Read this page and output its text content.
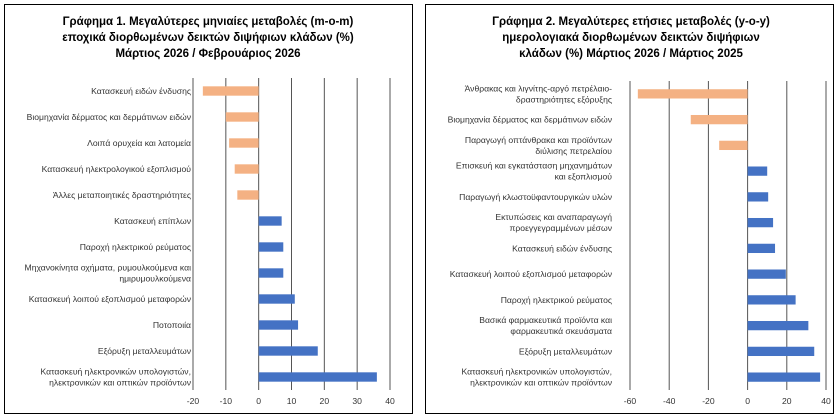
Γράφημα 1. Μεγαλύτερες μηνιαίες μεταβολές (m-o-m)
εποχικά διορθωμένων δεικτών διψήφιων κλάδων (%)
Μάρτιος 2026 / Φεβρουάριος 2026
-20 -10	0	10	20	30	40
Κατασκευή ειδών ένδυσης
Βιομηχανία δέρματος και δερμάτινων ειδών
Λοιπά ορυχεία και λατομεία
Κατασκευή ηλεκτρολογικού εξοπλισμού
Άλλες μεταποιητικές δραστηριότητες
Κατασκευή επίπλων
Παροχή ηλεκτρικού ρεύματος
Μηχανοκίνητα οχήματα, ρυμουλκούμενα και
ημιρυμουλκούμενα
Κατασκευή λοιπού εξοπλισμού μεταφορών
Ποτοποιία
Εξόρυξη μεταλλευμάτων
Κατασκευή ηλεκτρονικών υπολογιστών,
ηλεκτρονικών και οπτικών προϊόντων
Γράφημα 2. Μεγαλύτερες ετήσιες μεταβολές (y-o-y)
ημερολογιακά διορθωμένων δεικτών διψήφιων
κλάδων (%) Μάρτιος 2026 / Μάρτιος 2025
-60	-40	-20	0	20	40
Άνθρακας και λιγνίτης-αργό πετρέλαιο-
δραστηριότητες εξόρυξης
Βιομηχανία δέρματος και δερμάτινων ειδών
Παραγωγή οπτάνθρακα και προϊόντων
διύλισης πετρελαίου
Επισκευή και εγκατάσταση μηχανημάτων
και εξοπλισμού
Παραγωγή κλωστοϋφαντουργικών υλών
Εκτυπώσεις και αναπαραγωγή
προεγγεγραμμένων μέσων
Κατασκευή ειδών ένδυσης
Κατασκευή λοιπού εξοπλισμού μεταφορών
Παροχή ηλεκτρικού ρεύματος
Βασικά φαρμακευτικά προϊόντα και
φαρμακευτικά σκευάσματα
Εξόρυξη μεταλλευμάτων
Κατασκευή ηλεκτρονικών υπολογιστών,
ηλεκτρονικών και οπτικών προϊόντων
